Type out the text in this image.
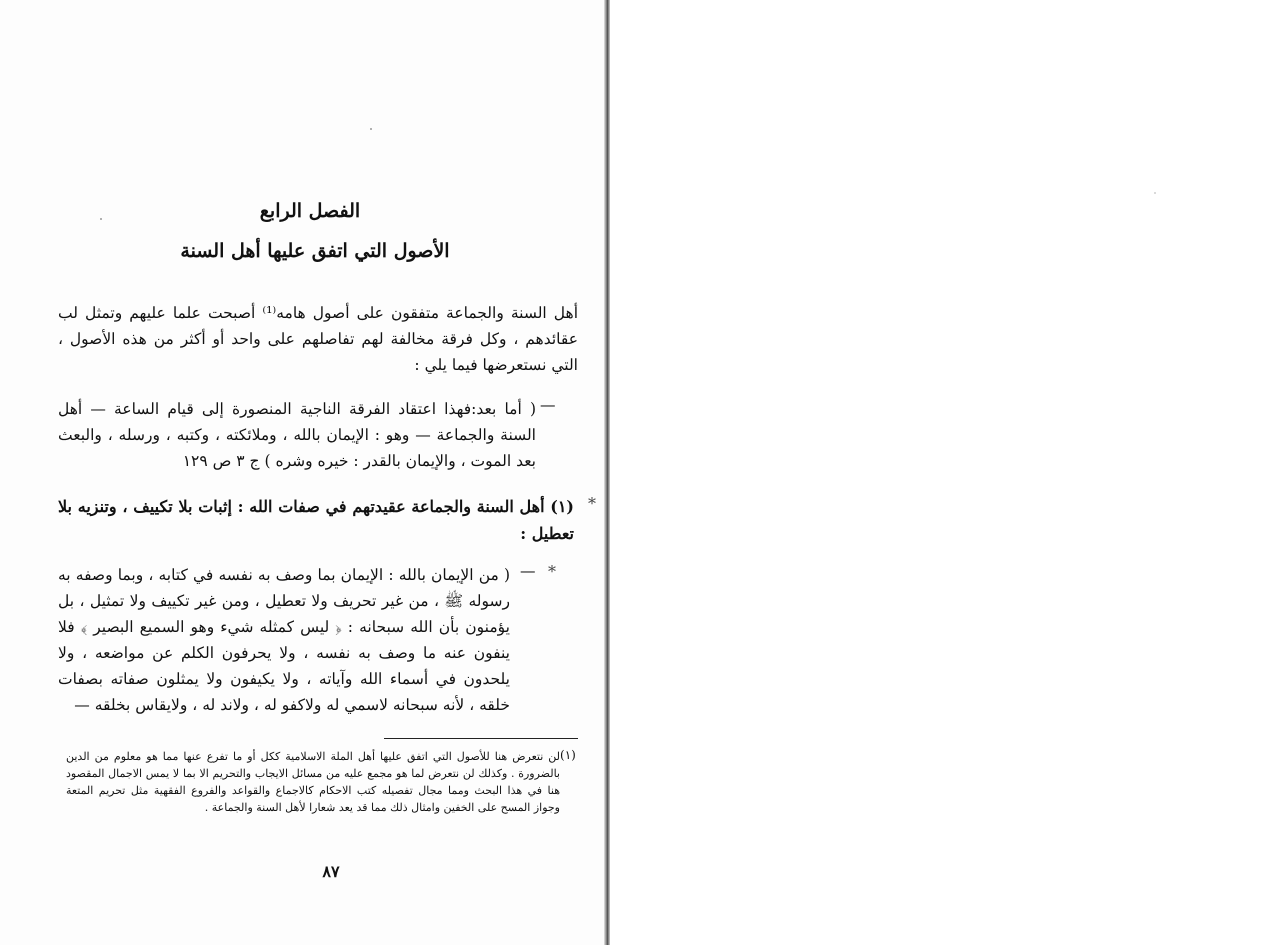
الفصل الرابع
الأصول التي اتفق عليها أهل السنة
أهل السنة والجماعة متفقون على أصول هامه⁽¹⁾ أصبحت علما عليهم وتمثل لب عقائدهم ، وكل فرقة مخالفة لهم تفاصلهم على واحد أو أكثر من هذه الأصول ، التي نستعرضها فيما يلي :
—
( أما بعد:فهذا اعتقاد الفرقة الناجية المنصورة إلى قيام الساعة — أهل السنة والجماعة — وهو : الإيمان بالله ، وملائكته ، وكتبه ، ورسله ، والبعث بعد الموت ، والإيمان بالقدر : خيره وشره ) ج ٣ ص ١٢٩
*
(١) أهل السنة والجماعة عقيدتهم في صفات الله : إثبات بلا تكييف ، وتنزيه بلا تعطيل :
*
—
( من الإيمان بالله : الإيمان بما وصف به نفسه في كتابه ، وبما وصفه به رسوله ﷺ ، من غير تحريف ولا تعطيل ، ومن غير تكييف ولا تمثيل ، بل يؤمنون بأن الله سبحانه : ﴿ ليس كمثله شيء وهو السميع البصير ﴾ فلا ينفون عنه ما وصف به نفسه ، ولا يحرفون الكلم عن مواضعه ، ولا يلحدون في أسماء الله وآياته ، ولا يكيفون ولا يمثلون صفاته بصفات خلقه ، لأنه سبحانه لاسمي له ولاكفو له ، ولاند له ، ولايقاس بخلقه —
(١)
لن نتعرض هنا للأصول التي اتفق عليها أهل الملة الاسلامية ككل أو ما تفرع عنها مما هو معلوم من الدين بالضرورة . وكذلك لن نتعرض لما هو مجمع عليه من مسائل الايجاب والتحريم الا بما لا يمس الاجمال المقصود هنا في هذا البحث ومما مجال تفصيله كتب الاحكام كالاجماع والقواعد والفروع الفقهية مثل تحريم المتعة وجواز المسح على الخفين وامثال ذلك مما قد يعد شعارا لأهل السنة والجماعة .
٨٧
